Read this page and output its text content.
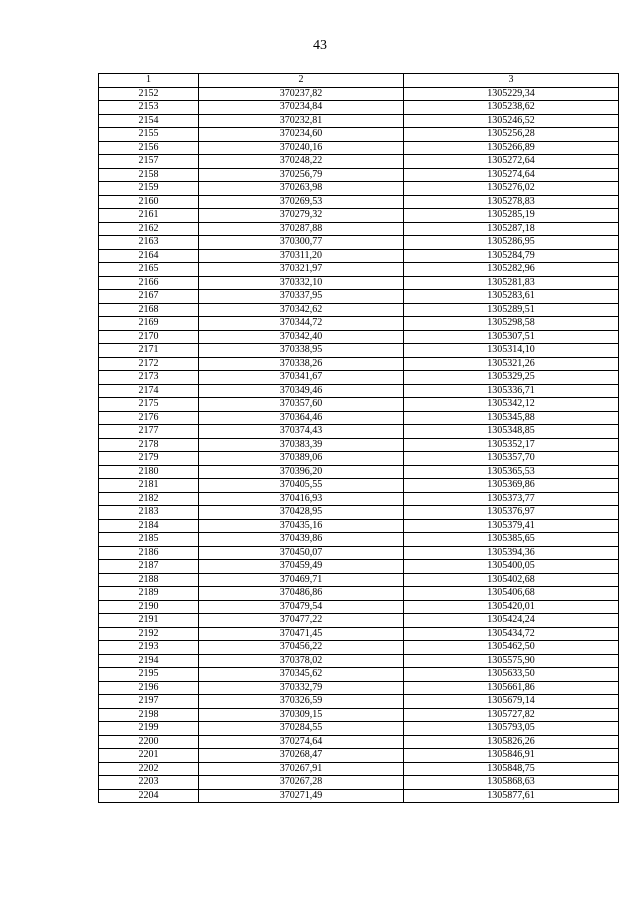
43
1	2	3
2152	370237,82	1305229,34
2153	370234,84	1305238,62
2154	370232,81	1305246,52
2155	370234,60	1305256,28
2156	370240,16	1305266,89
2157	370248,22	1305272,64
2158	370256,79	1305274,64
2159	370263,98	1305276,02
2160	370269,53	1305278,83
2161	370279,32	1305285,19
2162	370287,88	1305287,18
2163	370300,77	1305286,95
2164	370311,20	1305284,79
2165	370321,97	1305282,96
2166	370332,10	1305281,83
2167	370337,95	1305283,61
2168	370342,62	1305289,51
2169	370344,72	1305298,58
2170	370342,40	1305307,51
2171	370338,95	1305314,10
2172	370338,26	1305321,26
2173	370341,67	1305329,25
2174	370349,46	1305336,71
2175	370357,60	1305342,12
2176	370364,46	1305345,88
2177	370374,43	1305348,85
2178	370383,39	1305352,17
2179	370389,06	1305357,70
2180	370396,20	1305365,53
2181	370405,55	1305369,86
2182	370416,93	1305373,77
2183	370428,95	1305376,97
2184	370435,16	1305379,41
2185	370439,86	1305385,65
2186	370450,07	1305394,36
2187	370459,49	1305400,05
2188	370469,71	1305402,68
2189	370486,86	1305406,68
2190	370479,54	1305420,01
2191	370477,22	1305424,24
2192	370471,45	1305434,72
2193	370456,22	1305462,50
2194	370378,02	1305575,90
2195	370345,62	1305633,50
2196	370332,79	1305661,86
2197	370326,59	1305679,14
2198	370309,15	1305727,82
2199	370284,55	1305793,05
2200	370274,64	1305826,26
2201	370268,47	1305846,91
2202	370267,91	1305848,75
2203	370267,28	1305868,63
2204	370271,49	1305877,61
